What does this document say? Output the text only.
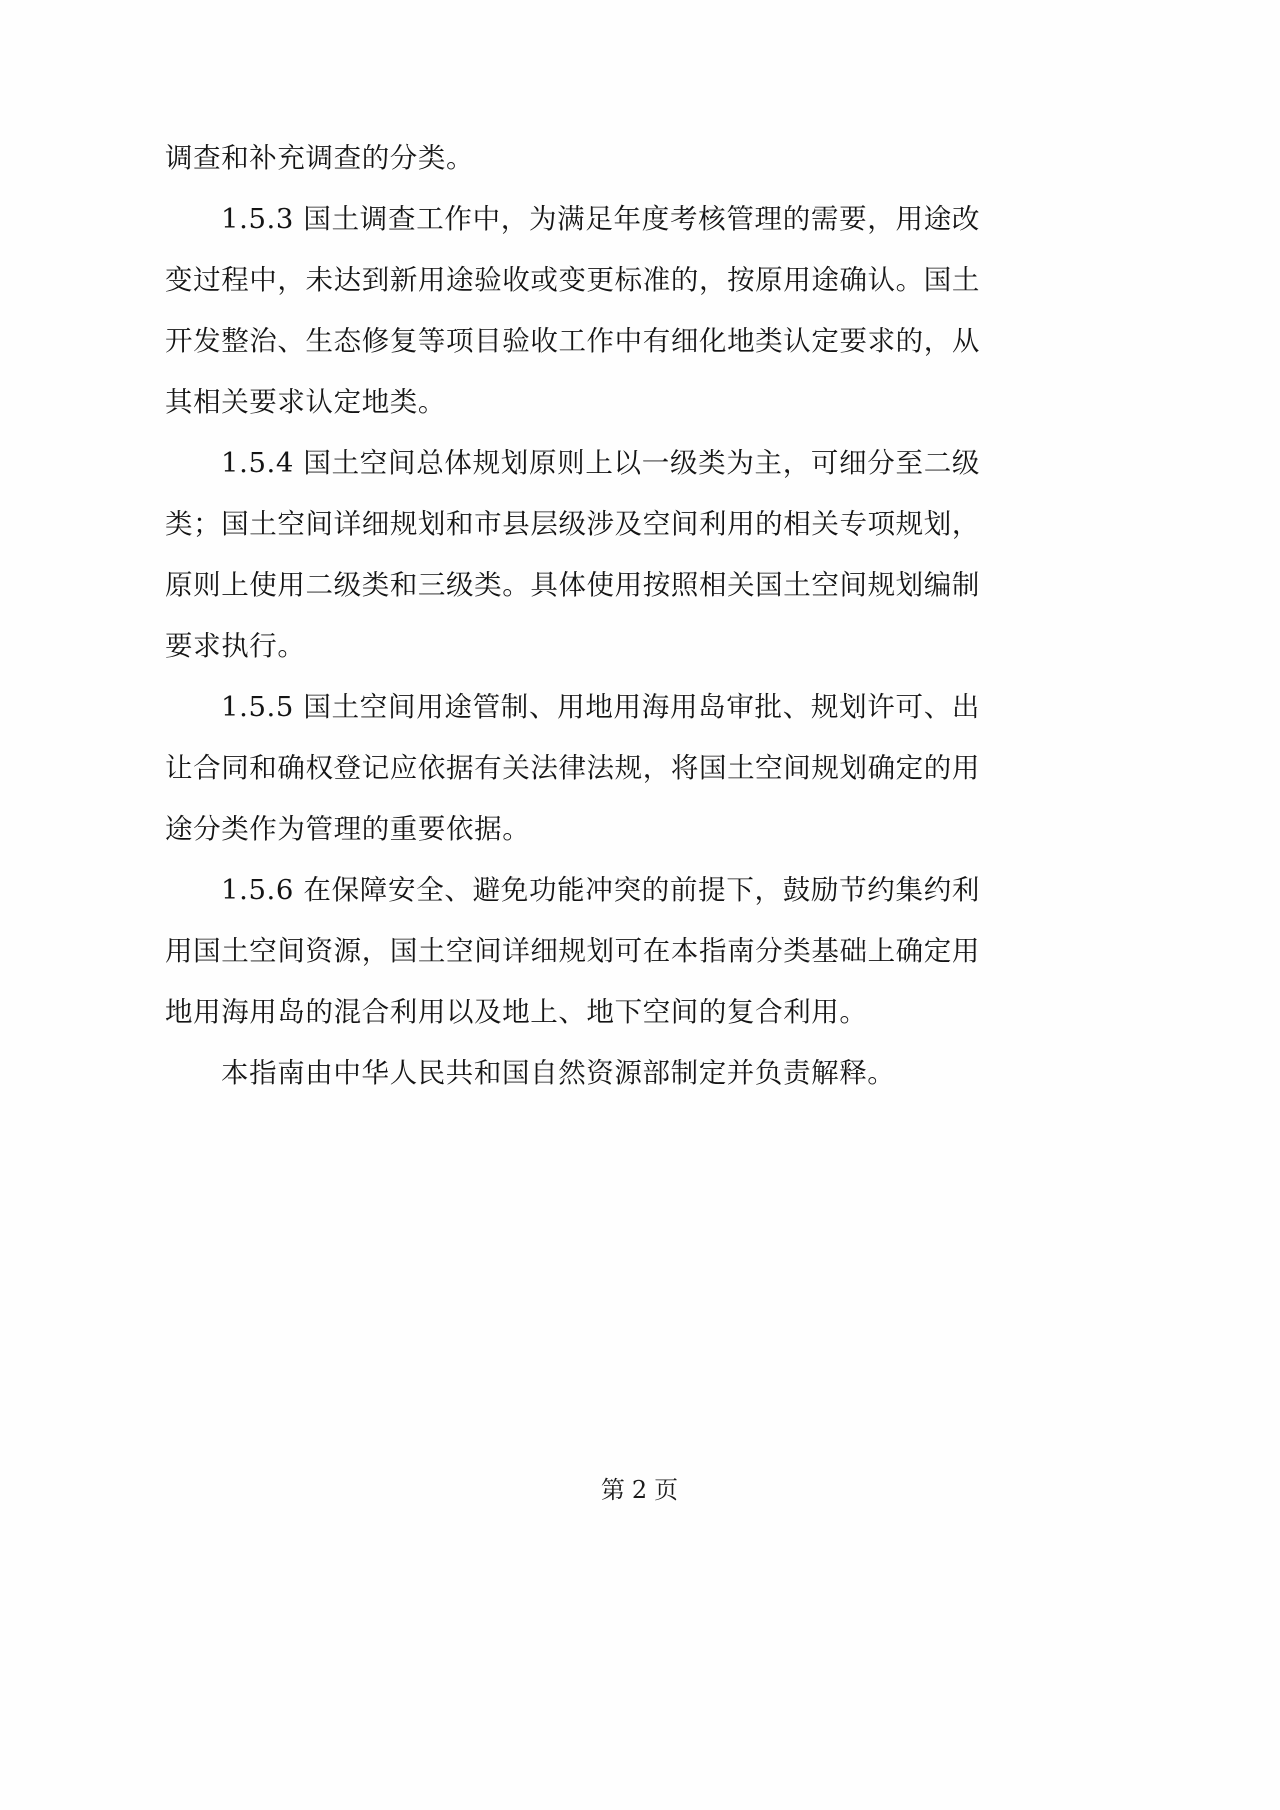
调查和补充调查的分类。

1.5.3 国土调查工作中，为满足年度考核管理的需要，用途改变过程中，未达到新用途验收或变更标准的，按原用途确认。国土开发整治、生态修复等项目验收工作中有细化地类认定要求的，从其相关要求认定地类。

1.5.4 国土空间总体规划原则上以一级类为主，可细分至二级类；国土空间详细规划和市县层级涉及空间利用的相关专项规划，原则上使用二级类和三级类。具体使用按照相关国土空间规划编制要求执行。

1.5.5 国土空间用途管制、用地用海用岛审批、规划许可、出让合同和确权登记应依据有关法律法规，将国土空间规划确定的用途分类作为管理的重要依据。

1.5.6 在保障安全、避免功能冲突的前提下，鼓励节约集约利用国土空间资源，国土空间详细规划可在本指南分类基础上确定用地用海用岛的混合利用以及地上、地下空间的复合利用。

本指南由中华人民共和国自然资源部制定并负责解释。

第 2 页
